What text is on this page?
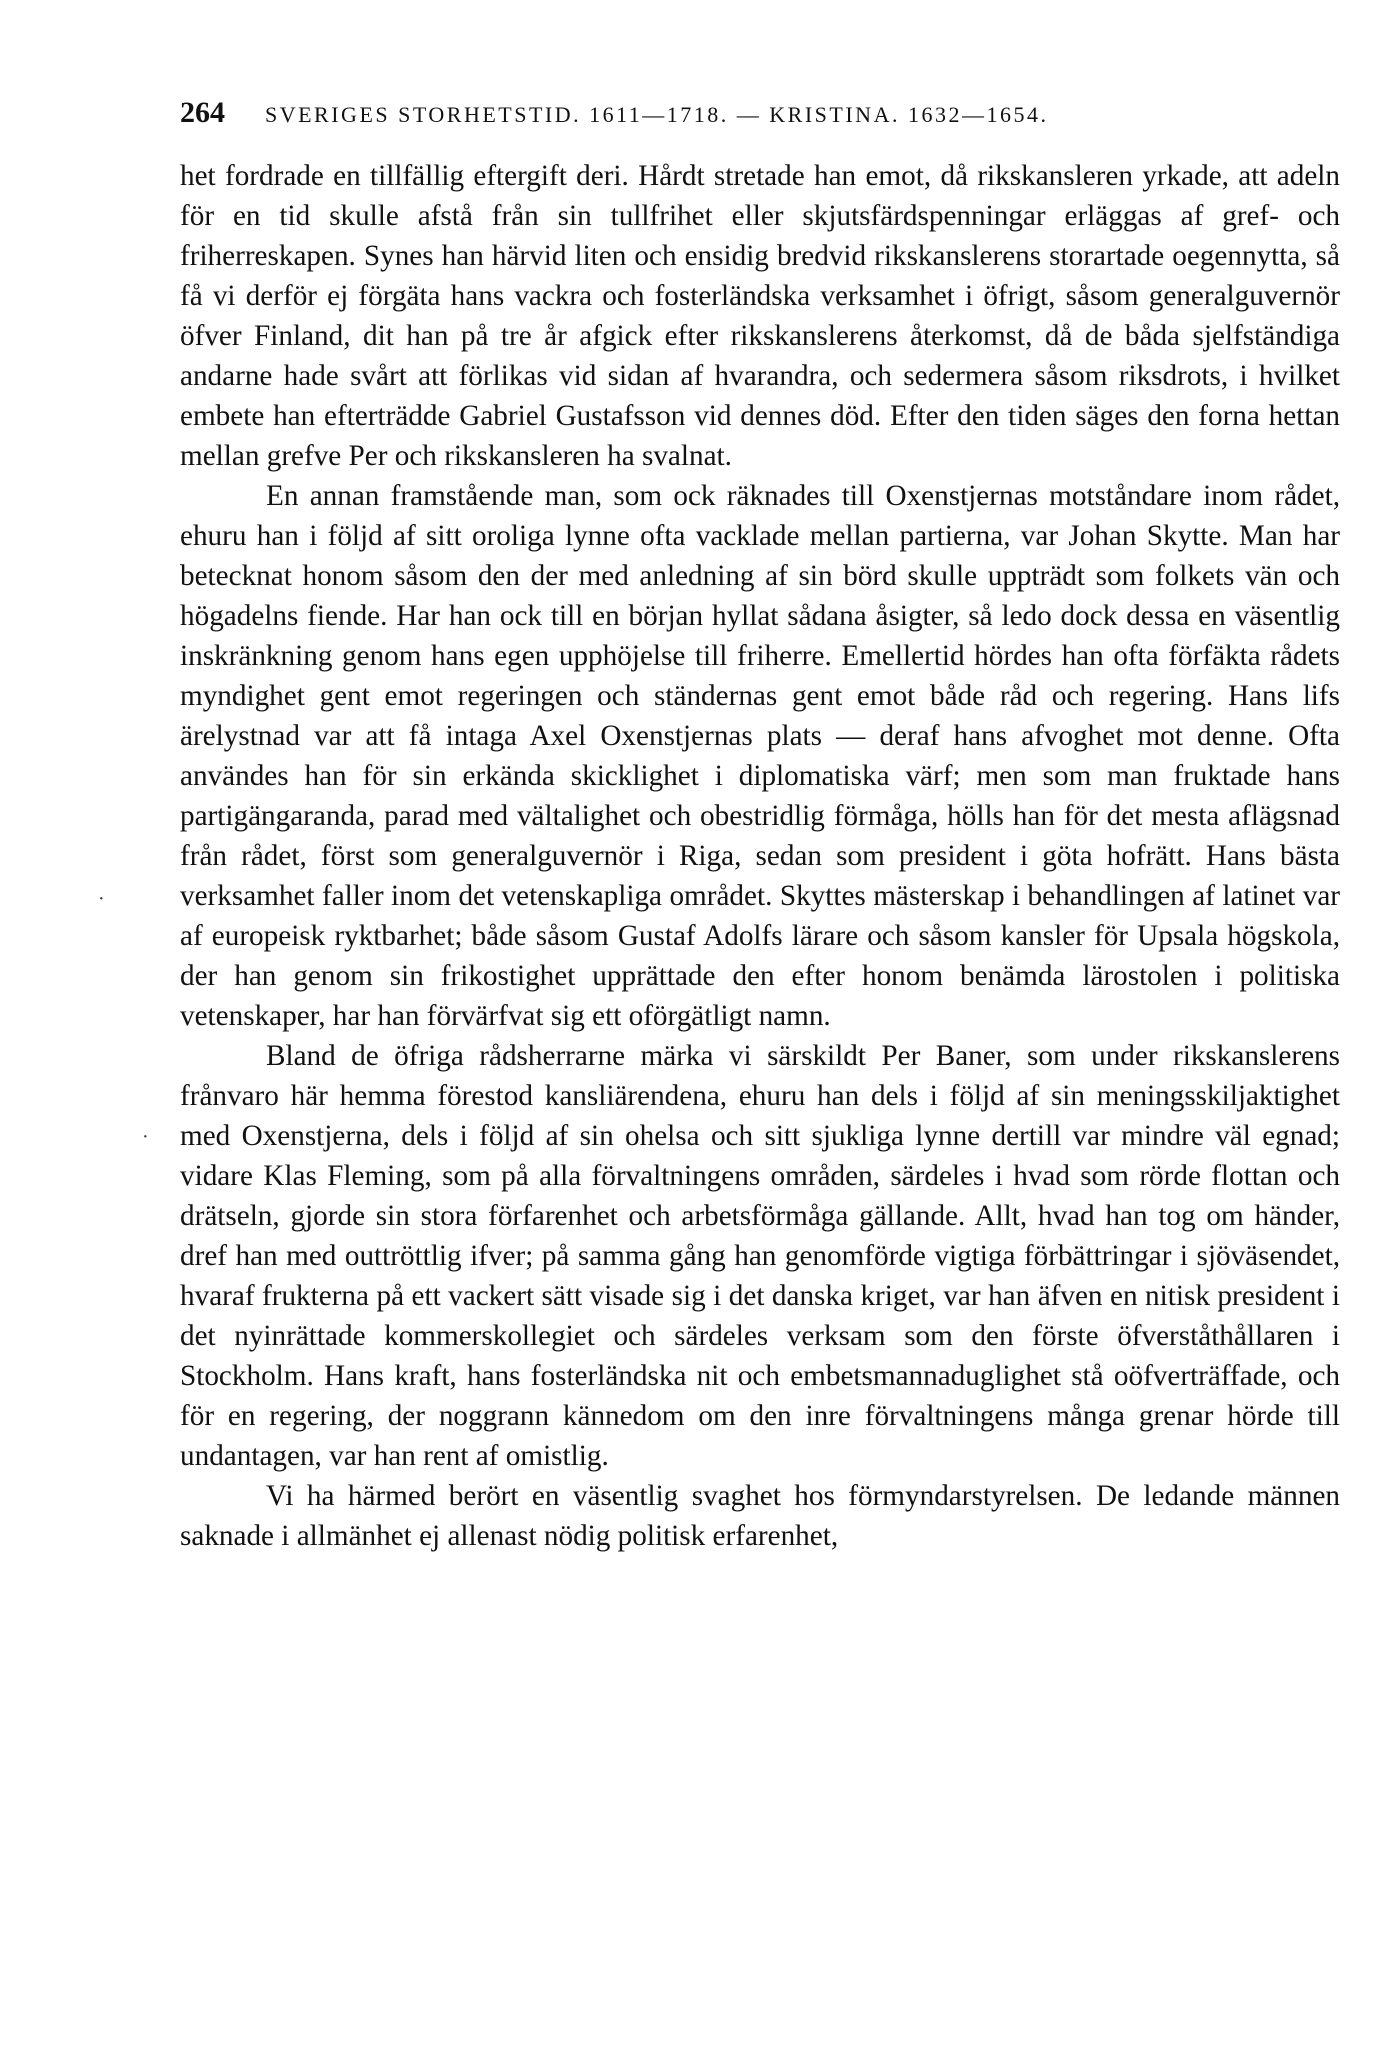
264 SVERIGES STORHETSTID. 1611—1718. — KRISTINA. 1632—1654.

het fordrade en tillfällig eftergift deri. Hårdt stretade han emot, då rikskansleren yrkade, att adeln för en tid skulle afstå från sin tullfrihet eller skjutsfärdspenningar erläggas af gref- och friherreskapen. Synes han härvid liten och ensidig bredvid rikskanslerens storartade oegennytta, så få vi derför ej förgäta hans vackra och fosterländska verksamhet i öfrigt, såsom generalguvernör öfver Finland, dit han på tre år afgick efter rikskanslerens återkomst, då de båda sjelfständiga andarne hade svårt att förlikas vid sidan af hvarandra, och sedermera såsom riksdrots, i hvilket embete han efterträdde Gabriel Gustafsson vid dennes död. Efter den tiden säges den forna hettan mellan grefve Per och rikskansleren ha svalnat.

En annan framstående man, som ock räknades till Oxenstjernas motståndare inom rådet, ehuru han i följd af sitt oroliga lynne ofta vacklade mellan partierna, var Johan Skytte. Man har betecknat honom såsom den der med anledning af sin börd skulle uppträdt som folkets vän och högadelns fiende. Har han ock till en början hyllat sådana åsigter, så ledo dock dessa en väsentlig inskränkning genom hans egen upphöjelse till friherre. Emellertid hördes han ofta förfäkta rådets myndighet gent emot regeringen och ständernas gent emot både råd och regering. Hans lifs ärelystnad var att få intaga Axel Oxenstjernas plats — deraf hans afvoghet mot denne. Ofta användes han för sin erkända skicklighet i diplomatiska värf; men som man fruktade hans partigängaranda, parad med vältalighet och obestridlig förmåga, hölls han för det mesta aflägsnad från rådet, först som generalguvernör i Riga, sedan som president i göta hofrätt. Hans bästa verksamhet faller inom det vetenskapliga området. Skyttes mästerskap i behandlingen af latinet var af europeisk ryktbarhet; både såsom Gustaf Adolfs lärare och såsom kansler för Upsala högskola, der han genom sin frikostighet upprättade den efter honom benämda lärostolen i politiska vetenskaper, har han förvärfvat sig ett oförgätligt namn.

Bland de öfriga rådsherrarne märka vi särskildt Per Baner, som under rikskanslerens frånvaro här hemma förestod kansliärendena, ehuru han dels i följd af sin meningsskiljaktighet med Oxenstjerna, dels i följd af sin ohelsa och sitt sjukliga lynne dertill var mindre väl egnad; vidare Klas Fleming, som på alla förvaltningens områden, särdeles i hvad som rörde flottan och drätseln, gjorde sin stora förfarenhet och arbetsförmåga gällande. Allt, hvad han tog om händer, dref han med outtröttlig ifver; på samma gång han genomförde vigtiga förbättringar i sjöväsendet, hvaraf frukterna på ett vackert sätt visade sig i det danska kriget, var han äfven en nitisk president i det nyinrättade kommerskollegiet och särdeles verksam som den förste öfverståthållaren i Stockholm. Hans kraft, hans fosterländska nit och embetsmannaduglighet stå oöfverträffade, och för en regering, der noggrann kännedom om den inre förvaltningens många grenar hörde till undantagen, var han rent af omistlig.

Vi ha härmed berört en väsentlig svaghet hos förmyndarstyrelsen. De ledande männen saknade i allmänhet ej allenast nödig politisk erfarenhet,

·
·
